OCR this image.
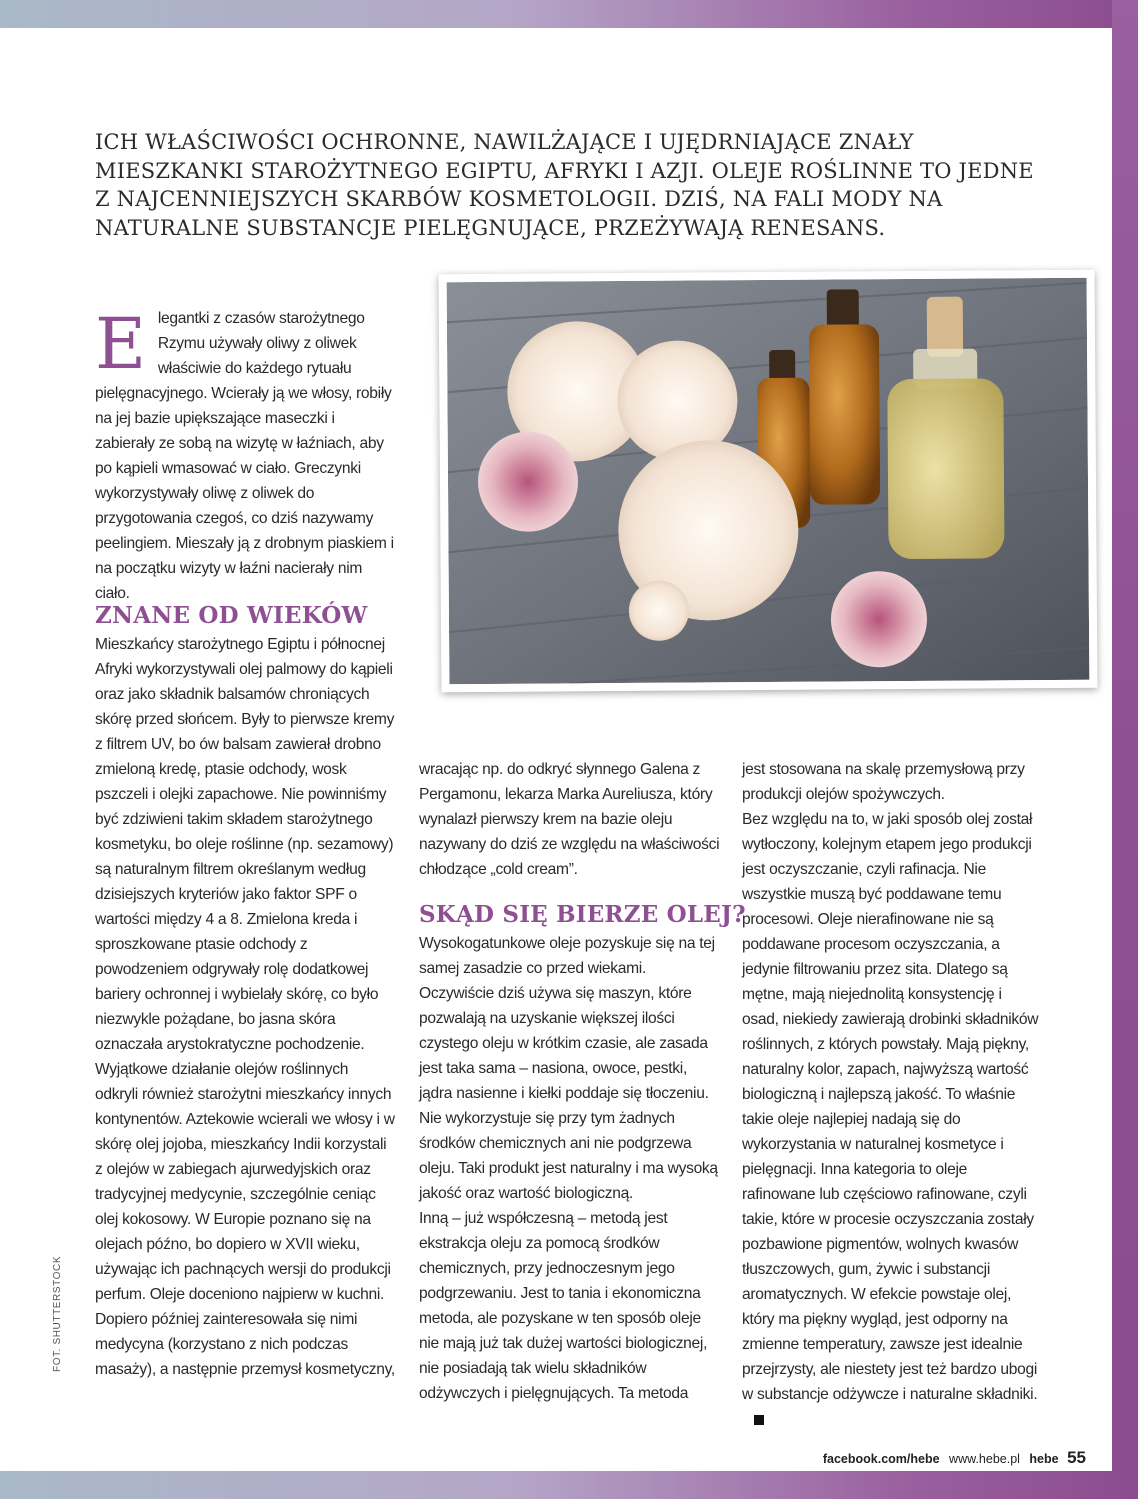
ICH WŁAŚCIWOŚCI OCHRONNE, NAWILŻAJĄCE I UJĘDRNIAJĄCE ZNAŁY MIESZKANKI STAROŻYTNEGO EGIPTU, AFRYKI I AZJI. OLEJE ROŚLINNE TO JEDNE Z NAJCENNIEJSZYCH SKARBÓW KOSMETOLOGII. DZIŚ, NA FALI MODY NA NATURALNE SUBSTANCJE PIELĘGNUJĄCE, PRZEŻYWAJĄ RENESANS.

E legantki z czasów starożytnego Rzymu używały oliwy z oliwek właściwie do każdego rytuału pielęgnacyjnego. Wcierały ją we włosy, robiły na jej bazie upiększające maseczki i zabierały ze sobą na wizytę w łaźniach, aby po kąpieli wmasować w ciało. Greczynki wykorzystywały oliwę z oliwek do przygotowania czegoś, co dziś nazywamy peelingiem. Mieszały ją z drobnym piaskiem i na początku wizyty w łaźni nacierały nim ciało.

ZNANE OD WIEKÓW

Mieszkańcy starożytnego Egiptu i północnej Afryki wykorzystywali olej palmowy do kąpieli oraz jako składnik balsamów chroniących skórę przed słońcem. Były to pierwsze kremy z filtrem UV, bo ów balsam zawierał drobno zmieloną kredę, ptasie odchody, wosk pszczeli i olejki zapachowe. Nie powinniśmy być zdziwieni takim składem starożytnego kosmetyku, bo oleje roślinne (np. sezamowy) są naturalnym filtrem określanym według dzisiejszych kryteriów jako faktor SPF o wartości między 4 a 8. Zmielona kreda i sproszkowane ptasie odchody z powodzeniem odgrywały rolę dodatkowej bariery ochronnej i wybielały skórę, co było niezwykle pożądane, bo jasna skóra oznaczała arystokratyczne pochodzenie. Wyjątkowe działanie olejów roślinnych odkryli również starożytni mieszkańcy innych kontynentów. Aztekowie wcierali we włosy i w skórę olej jojoba, mieszkańcy Indii korzystali z olejów w zabiegach ajurwedyjskich oraz tradycyjnej medycynie, szczególnie ceniąc olej kokosowy. W Europie poznano się na olejach późno, bo dopiero w XVII wieku, używając ich pachnących wersji do produkcji perfum. Oleje doceniono najpierw w kuchni. Dopiero później zainteresowała się nimi medycyna (korzystano z nich podczas masaży), a następnie przemysł kosmetyczny,

wracając np. do odkryć słynnego Galena z Pergamonu, lekarza Marka Aureliusza, który wynalazł pierwszy krem na bazie oleju nazywany do dziś ze względu na właściwości chłodzące „cold cream”.

SKĄD SIĘ BIERZE OLEJ?

Wysokogatunkowe oleje pozyskuje się na tej samej zasadzie co przed wiekami. Oczywiście dziś używa się maszyn, które pozwalają na uzyskanie większej ilości czystego oleju w krótkim czasie, ale zasada jest taka sama – nasiona, owoce, pestki, jądra nasienne i kiełki poddaje się tłoczeniu. Nie wykorzystuje się przy tym żadnych środków chemicznych ani nie podgrzewa oleju. Taki produkt jest naturalny i ma wysoką jakość oraz wartość biologiczną.

Inną – już współczesną – metodą jest ekstrakcja oleju za pomocą środków chemicznych, przy jednoczesnym jego podgrzewaniu. Jest to tania i ekonomiczna metoda, ale pozyskane w ten sposób oleje nie mają już tak dużej wartości biologicznej, nie posiadają tak wielu składników odżywczych i pielęgnujących. Ta metoda

jest stosowana na skalę przemysłową przy produkcji olejów spożywczych.

Bez względu na to, w jaki sposób olej został wytłoczony, kolejnym etapem jego produkcji jest oczyszczanie, czyli rafinacja. Nie wszystkie muszą być poddawane temu procesowi. Oleje nierafinowane nie są poddawane procesom oczyszczania, a jedynie filtrowaniu przez sita. Dlatego są mętne, mają niejednolitą konsystencję i osad, niekiedy zawierają drobinki składników roślinnych, z których powstały. Mają piękny, naturalny kolor, zapach, najwyższą wartość biologiczną i najlepszą jakość. To właśnie takie oleje najlepiej nadają się do wykorzystania w naturalnej kosmetyce i pielęgnacji. Inna kategoria to oleje rafinowane lub częściowo rafinowane, czyli takie, które w procesie oczyszczania zostały pozbawione pigmentów, wolnych kwasów tłuszczowych, gum, żywic i substancji aromatycznych. W efekcie powstaje olej, który ma piękny wygląd, jest odporny na zmienne temperatury, zawsze jest idealnie przejrzysty, ale niestety jest też bardzo ubogi w substancje odżywcze i naturalne składniki.

FOT. SHUTTERSTOCK
facebook.com/hebe www.hebe.pl hebe 55
